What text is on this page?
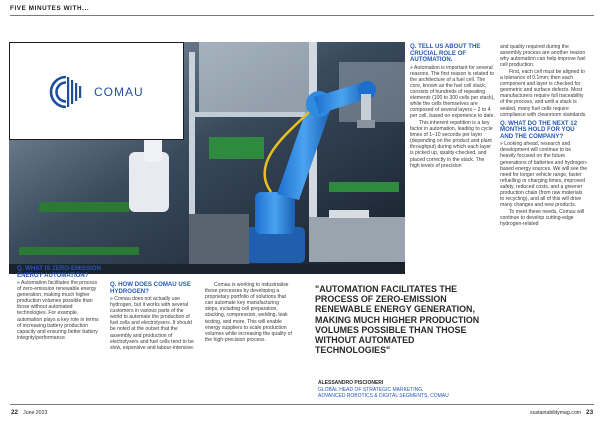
FIVE MINUTES WITH...
COMAU
Q. WHAT IS ZERO-EMISSION ENERGY AUTOMATION?

» Automation facilitates the process of zero-emission renewable energy generation, making much higher production volumes possible than those without automated technologies. For example, automation plays a key role in terms of increasing battery production capacity and ensuring better battery integrity/performance.

Q. HOW DOES COMAU USE HYDROGEN?

» Comau does not actually use hydrogen, but it works with several customers in various parts of the world to automate the production of fuel cells and electrolysers. It should be noted at the outset that the assembly and production of electrolysers and fuel cells tend to be slow, expensive and labour-intensive.

Comau is working to industrialise these processes by developing a proprietary portfolio of solutions that can automate key manufacturing steps, including cell preparation, stacking, compression, welding, leak testing, and more. This will enable energy suppliers to scale production volumes while increasing the quality of the high-precision process.

Q. TELL US ABOUT THE CRUCIAL ROLE OF AUTOMATION.

» Automation is important for several reasons. The first reason is related to the architecture of a fuel cell. The core, known as the fuel cell stack, consists of hundreds of repeating elements (100 to 300 cells per stack), while the cells themselves are composed of several layers – 2 to 4 per cell, based on experience to date.

This inherent repetition is a key factor in automation, leading to cycle times of 1–10 seconds per layer (depending on the product and plant throughput) during which each layer is picked up, quality-checked, and placed correctly in the stack. The high levels of precision

and quality required during the assembly process are another reason why automation can help improve fuel cell production.

First, each cell must be aligned to a tolerance of 0.1mm; then each component and layer is checked for geometric and surface defects. Most manufacturers require full traceability of the process, and until a stack is sealed, many fuel cells require compliance with cleanroom standards.

Q. WHAT DO THE NEXT 12 MONTHS HOLD FOR YOU AND THE COMPANY?

» Looking ahead, research and development will continue to be heavily focused on the future generations of batteries and hydrogen-based energy sources. We will see the need for longer vehicle range, faster refuelling or charging times, improved safety, reduced costs, and a greener production chain (from raw materials to recycling), and all of this will drive many changes and new products.

To meet these needs, Comau will continue to develop cutting-edge hydrogen-related

"AUTOMATION FACILITATES THE PROCESS OF ZERO-EMISSION RENEWABLE ENERGY GENERATION, MAKING MUCH HIGHER PRODUCTION VOLUMES POSSIBLE THAN THOSE WITHOUT AUTOMATED TECHNOLOGIES"
ALESSANDRO PISCIONERI
GLOBAL HEAD OF STRATEGIC MARKETING,
ADVANCED ROBOTICS & DIGITAL SEGMENTS, COMAU
22 June 2023	sustainabilitymag.com 23
